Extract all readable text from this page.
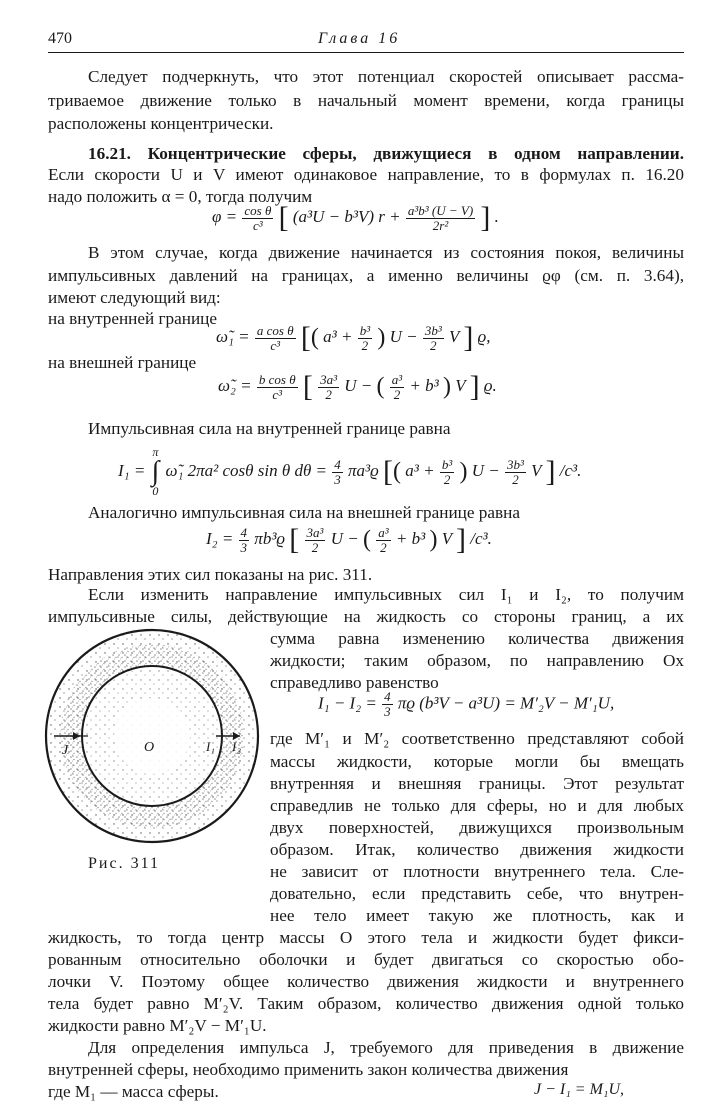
470	Глава 16
Следует подчеркнуть, что этот потенциал скоростей описывает рассма-
триваемое движение только в начальный момент времени, когда границы
расположены концентрически.
16.21. Концентрические сферы, движущиеся в одном направлении.
Если скорости U и V имеют одинаковое направление, то в формулах п. 16.20
надо положить α = 0, тогда получим
$\varphi = \frac{\text{cos θ}}{\text{c³}}$ [ (a³U − b³V) $r + \frac{\text{a³b³ (U − V)}}{\text{2r²}}$ ] .
В этом случае, когда движение начинается из состояния покоя, величины
импульсивных давлений на границах, а именно величины ϱφ (см. п. 3.64),
имеют следующий вид:
на внутренней границе
ω̃₁ = $\frac{\text{a cos θ}}{\text{c³}}$ [( $a^3 + \frac{\text{b³}}{2}$ ) $U - \frac{\text{3b³}}{2}$ V ] ϱ,
на внешней границе
ω̃₂ = $\frac{\text{b cos θ}}{\text{c³}}$ [ $\frac{\text{3a³}}{2}$ U − ( $\frac{\text{a³}}{2} + b^3$ ) V ] ϱ.
Импульсивная сила на внутренней границе равна
I₁ =
π
∫
0
ω̃₁ 2πa² cosθ sin θ $d\theta = \frac{4}{3} \pi a^3ϱ$ [( $a^3 + \frac{\text{b³}}{2}$ ) $U - \frac{\text{3b³}}{2}$ V ] /c³.
Аналогично импульсивная сила на внешней границе равна
$I_2 = \frac{4}{3} \pi b^3ϱ$ [ $\frac{\text{3a³}}{2}$ U − ( $\frac{\text{a³}}{2} + b^3$ ) V ] /c³.
Направления этих сил показаны на рис. 311.
Если изменить направление импульсивных сил I₁ и I₂, то получим
импульсивные силы, действующие на жидкость со стороны границ, а их
сумма равна изменению количества движения
жидкости; таким образом, по направлению Ox
справедливо равенство
$I_1 - I_2 = \frac{4}{3}$ πϱ (b³V − a³U) = M′₂V − M′₁U,
где M′₁ и M′₂ соответственно представляют собой
массы жидкости, которые могли бы вмещать
внутренняя и внешняя границы. Этот результат
справедлив не только для сферы, но и для любых
двух поверхностей, движущихся произвольным
образом. Итак, количество движения жидкости
не зависит от плотности внутреннего тела. Сле-
довательно, если представить себе, что внутрен-
нее тело имеет такую же плотность, как и
жидкость, то тогда центр массы O этого тела и жидкости будет фикси-
рованным относительно оболочки и будет двигаться со скоростью обо-
лочки V. Поэтому общее количество движения жидкости и внутреннего
тела будет равно M′₂V. Таким образом, количество движения одной только
жидкости равно M′₂V − M′₁U.
Для определения импульса J, требуемого для приведения в движение
внутренней сферы, необходимо применить закон количества движения
J − I₁ = M₁U,
где M₁ — масса сферы.
J	O	I₁ I₂
Рис. 311
